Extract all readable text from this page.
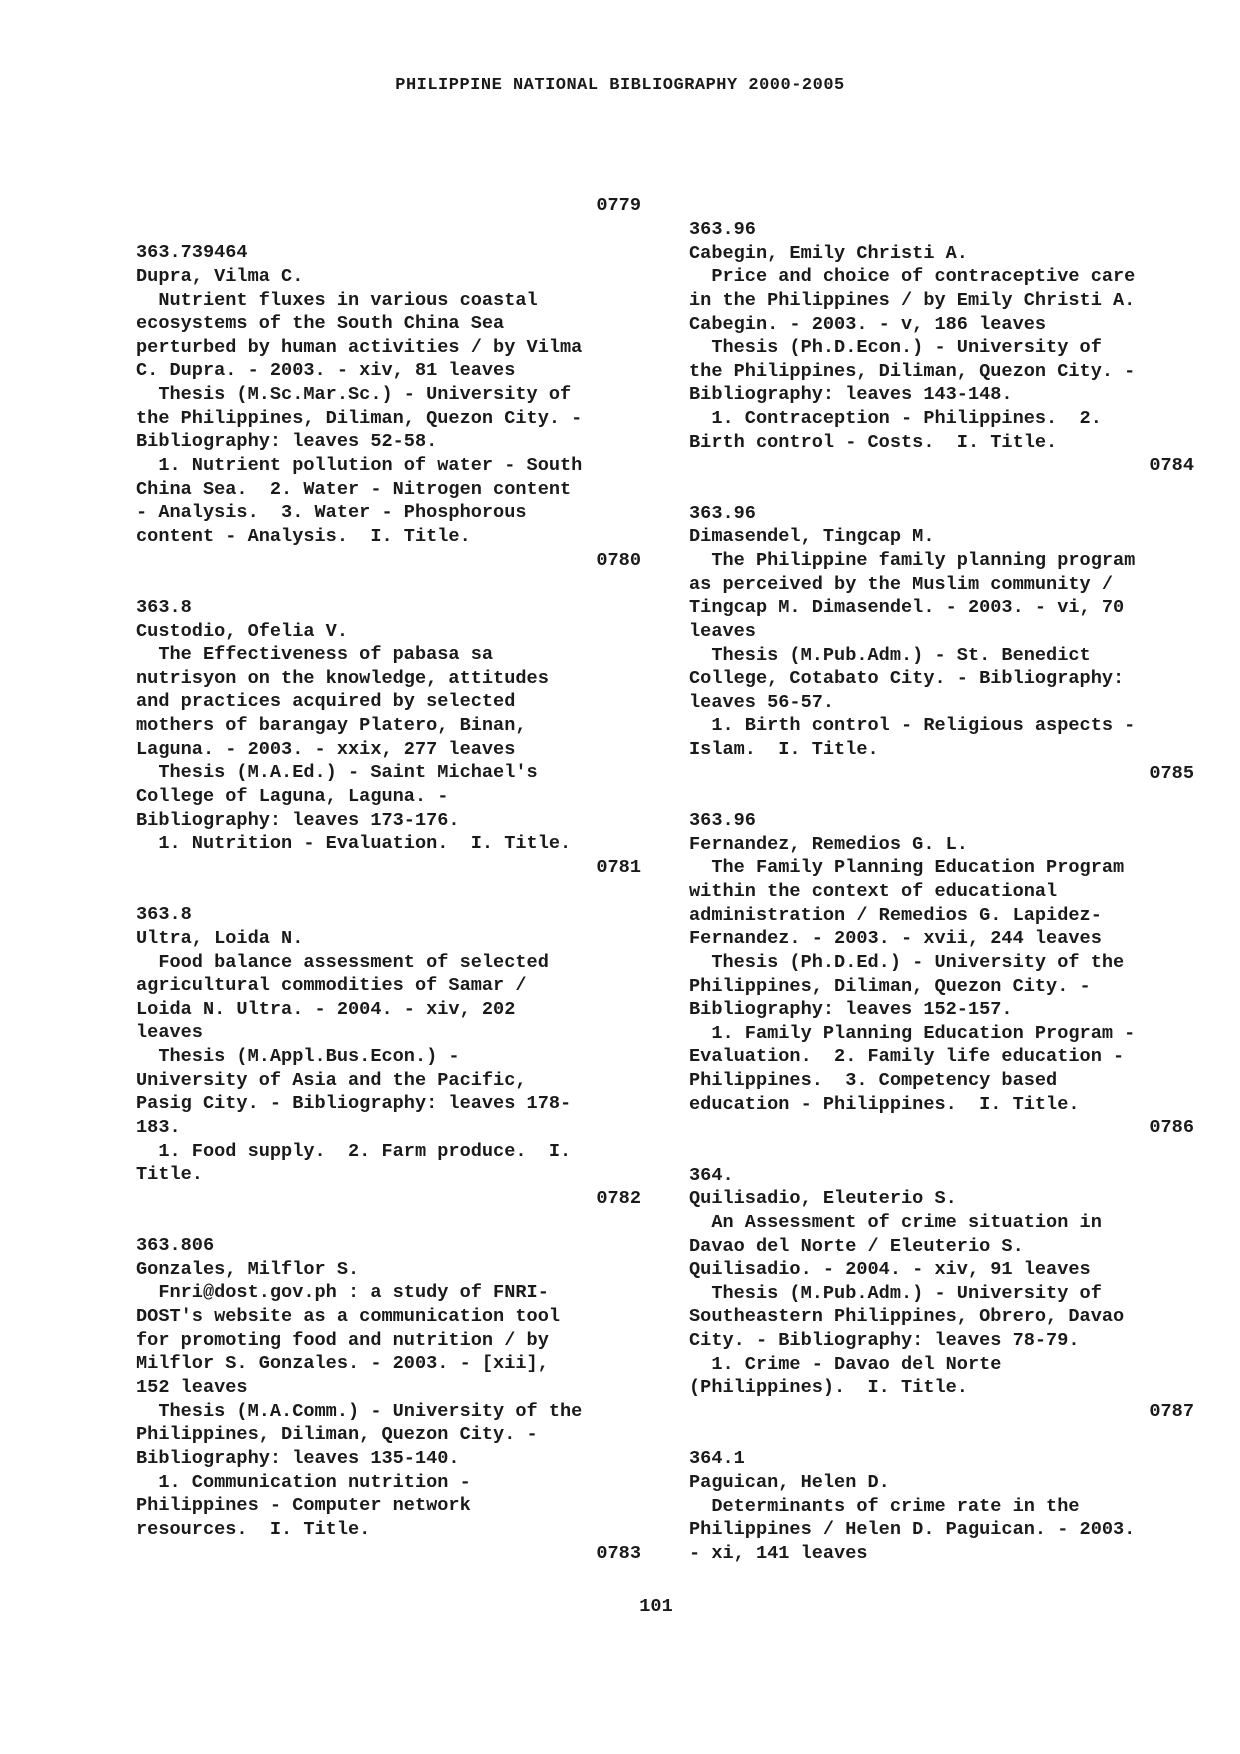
PHILIPPINE NATIONAL BIBLIOGRAPHY 2000-2005
0779
363.739464
Dupra, Vilma C.
Nutrient fluxes in various coastal
ecosystems of the South China Sea
perturbed by human activities / by Vilma
C. Dupra. - 2003. - xiv, 81 leaves
Thesis (M.Sc.Mar.Sc.) - University of
the Philippines, Diliman, Quezon City. -
Bibliography: leaves 52-58.
1. Nutrient pollution of water - South
China Sea.  2. Water - Nitrogen content
- Analysis.  3. Water - Phosphorous
content - Analysis.  I. Title.
0780
363.8
Custodio, Ofelia V.
The Effectiveness of pabasa sa
nutrisyon on the knowledge, attitudes
and practices acquired by selected
mothers of barangay Platero, Binan,
Laguna. - 2003. - xxix, 277 leaves
Thesis (M.A.Ed.) - Saint Michael's
College of Laguna, Laguna. -
Bibliography: leaves 173-176.
1. Nutrition - Evaluation.  I. Title.
0781
363.8
Ultra, Loida N.
Food balance assessment of selected
agricultural commodities of Samar /
Loida N. Ultra. - 2004. - xiv, 202
leaves
Thesis (M.Appl.Bus.Econ.) -
University of Asia and the Pacific,
Pasig City. - Bibliography: leaves 178-
183.
1. Food supply.  2. Farm produce.  I.
Title.
0782
363.806
Gonzales, Milflor S.
Fnri@dost.gov.ph : a study of FNRI-
DOST's website as a communication tool
for promoting food and nutrition / by
Milflor S. Gonzales. - 2003. - [xii],
152 leaves
Thesis (M.A.Comm.) - University of the
Philippines, Diliman, Quezon City. -
Bibliography: leaves 135-140.
1. Communication nutrition -
Philippines - Computer network
resources.  I. Title.
0783
363.96
Cabegin, Emily Christi A.
Price and choice of contraceptive care
in the Philippines / by Emily Christi A.
Cabegin. - 2003. - v, 186 leaves
Thesis (Ph.D.Econ.) - University of
the Philippines, Diliman, Quezon City. -
Bibliography: leaves 143-148.
1. Contraception - Philippines.  2.
Birth control - Costs.  I. Title.
0784
363.96
Dimasendel, Tingcap M.
The Philippine family planning program
as perceived by the Muslim community /
Tingcap M. Dimasendel. - 2003. - vi, 70
leaves
Thesis (M.Pub.Adm.) - St. Benedict
College, Cotabato City. - Bibliography:
leaves 56-57.
1. Birth control - Religious aspects -
Islam.  I. Title.
0785
363.96
Fernandez, Remedios G. L.
The Family Planning Education Program
within the context of educational
administration / Remedios G. Lapidez-
Fernandez. - 2003. - xvii, 244 leaves
Thesis (Ph.D.Ed.) - University of the
Philippines, Diliman, Quezon City. -
Bibliography: leaves 152-157.
1. Family Planning Education Program -
Evaluation.  2. Family life education -
Philippines.  3. Competency based
education - Philippines.  I. Title.
0786
364.
Quilisadio, Eleuterio S.
An Assessment of crime situation in
Davao del Norte / Eleuterio S.
Quilisadio. - 2004. - xiv, 91 leaves
Thesis (M.Pub.Adm.) - University of
Southeastern Philippines, Obrero, Davao
City. - Bibliography: leaves 78-79.
1. Crime - Davao del Norte
(Philippines).  I. Title.
0787
364.1
Paguican, Helen D.
Determinants of crime rate in the
Philippines / Helen D. Paguican. - 2003.
- xi, 141 leaves
101
